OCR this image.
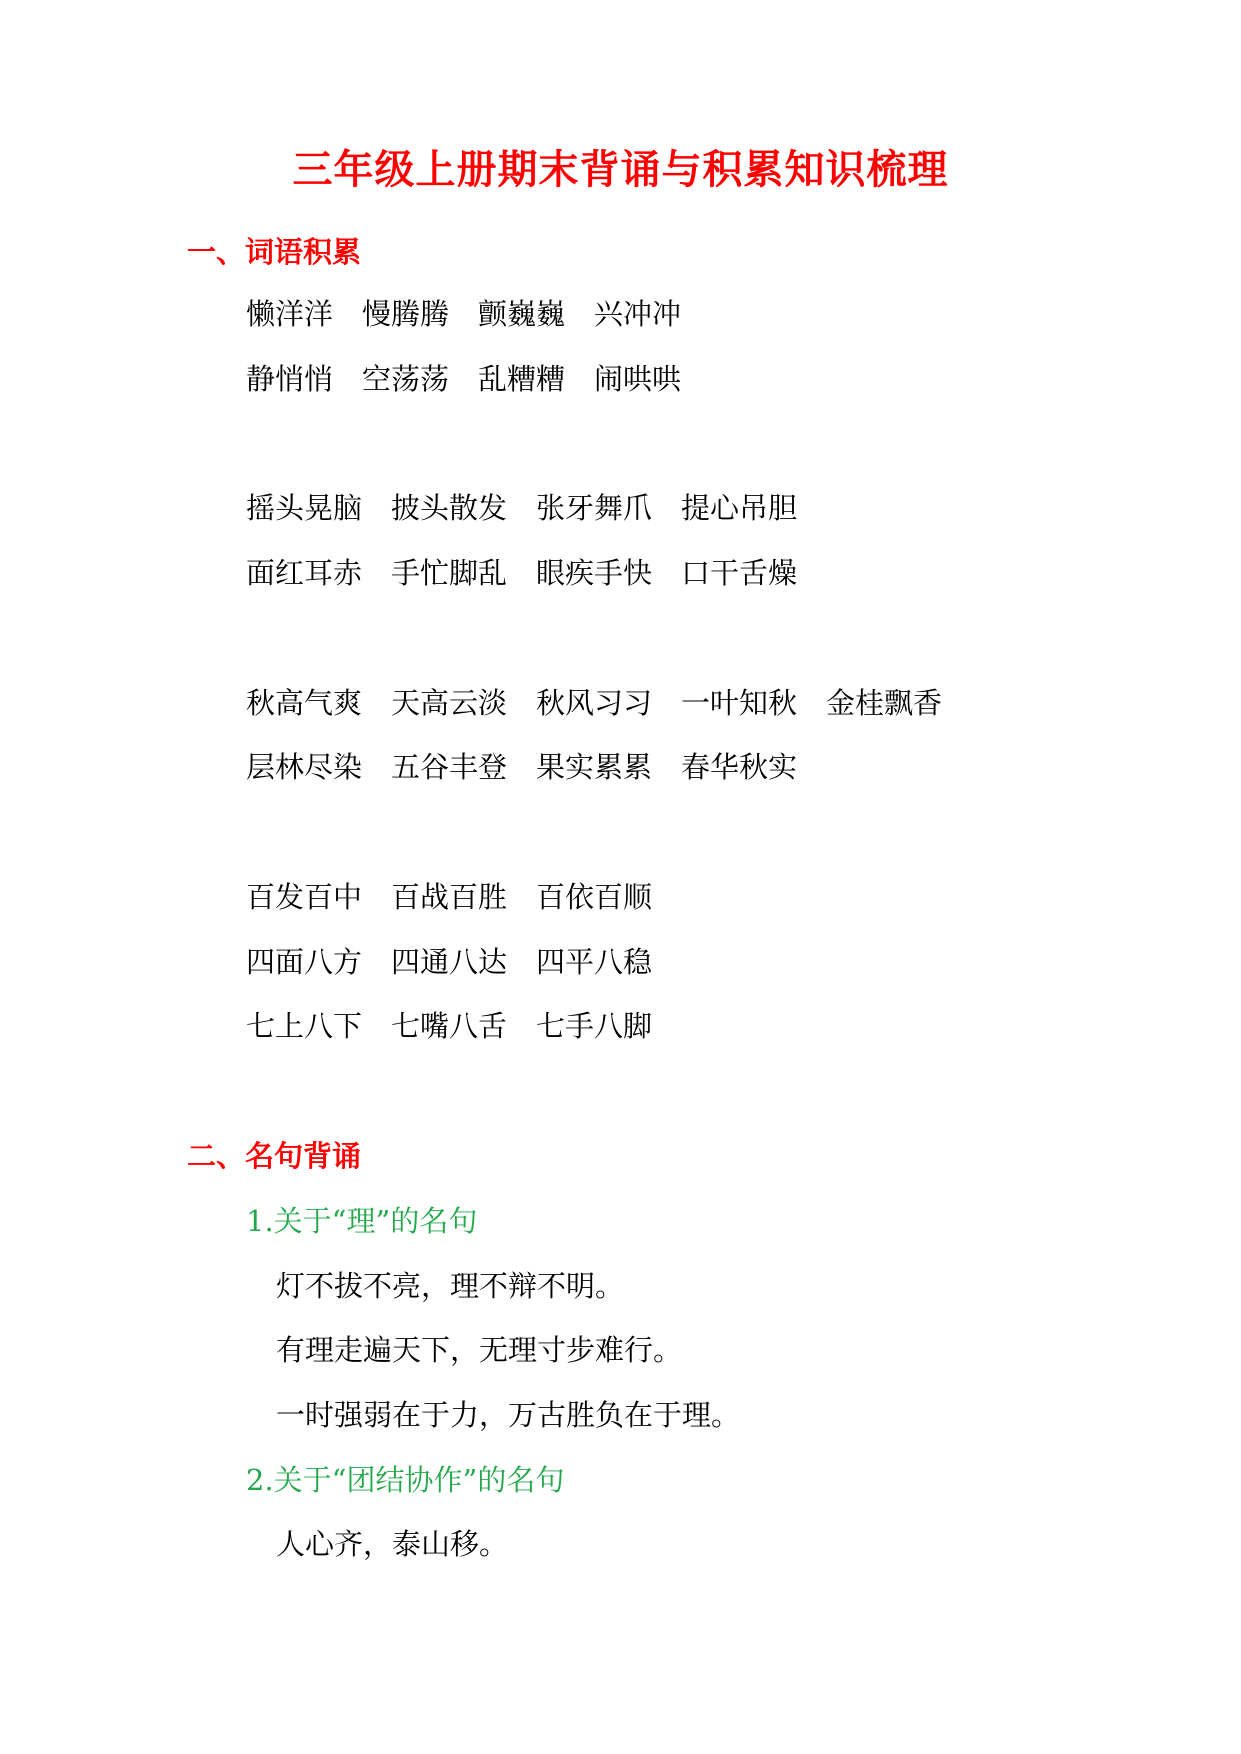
三年级上册期末背诵与积累知识梳理
一、词语积累
懒洋洋 慢腾腾 颤巍巍 兴冲冲
静悄悄 空荡荡 乱糟糟 闹哄哄
摇头晃脑 披头散发 张牙舞爪 提心吊胆
面红耳赤 手忙脚乱 眼疾手快 口干舌燥
秋高气爽 天高云淡 秋风习习 一叶知秋 金桂飘香
层林尽染 五谷丰登 果实累累 春华秋实
百发百中 百战百胜 百依百顺
四面八方 四通八达 四平八稳
七上八下 七嘴八舌 七手八脚
二、名句背诵
1.关于“理”的名句
灯不拔不亮，理不辩不明。
有理走遍天下，无理寸步难行。
一时强弱在于力，万古胜负在于理。
2.关于“团结协作”的名句
人心齐，泰山移。
